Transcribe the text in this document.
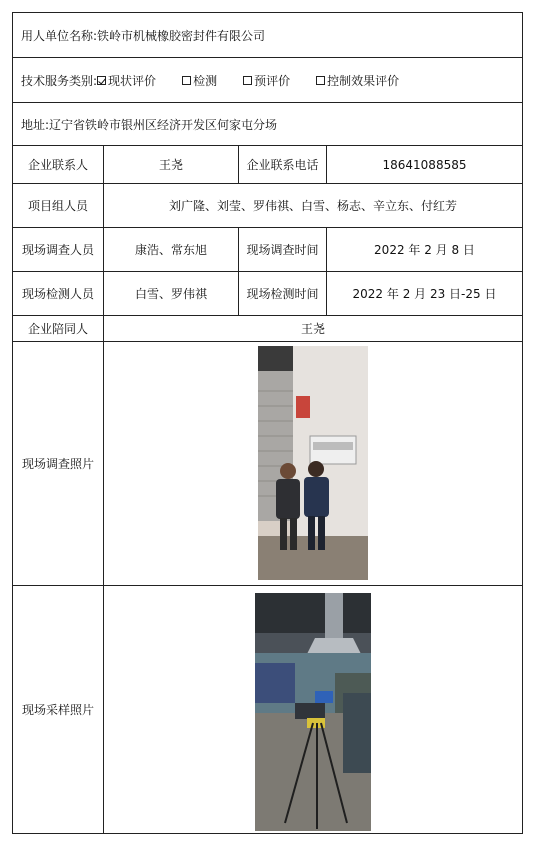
用人单位名称: 铁岭市机械橡胶密封件有限公司
技术服务类别: 现状评价	检测	预评价	控制效果评价
地址: 辽宁省铁岭市银州区经济开发区何家屯分场
企业联系人	王尧	企业联系电话	18641088585
项目组人员	刘广隆、刘莹、罗伟祺、白雪、杨志、辛立东、付红芳
现场调查人员	康浩、常东旭	现场调查时间	2022 年 2 月 8 日
现场检测人员	白雪、罗伟祺	现场检测时间	2022 年 2 月 23 日-25 日
企业陪同人	王尧
现场调查照片
现场采样照片
